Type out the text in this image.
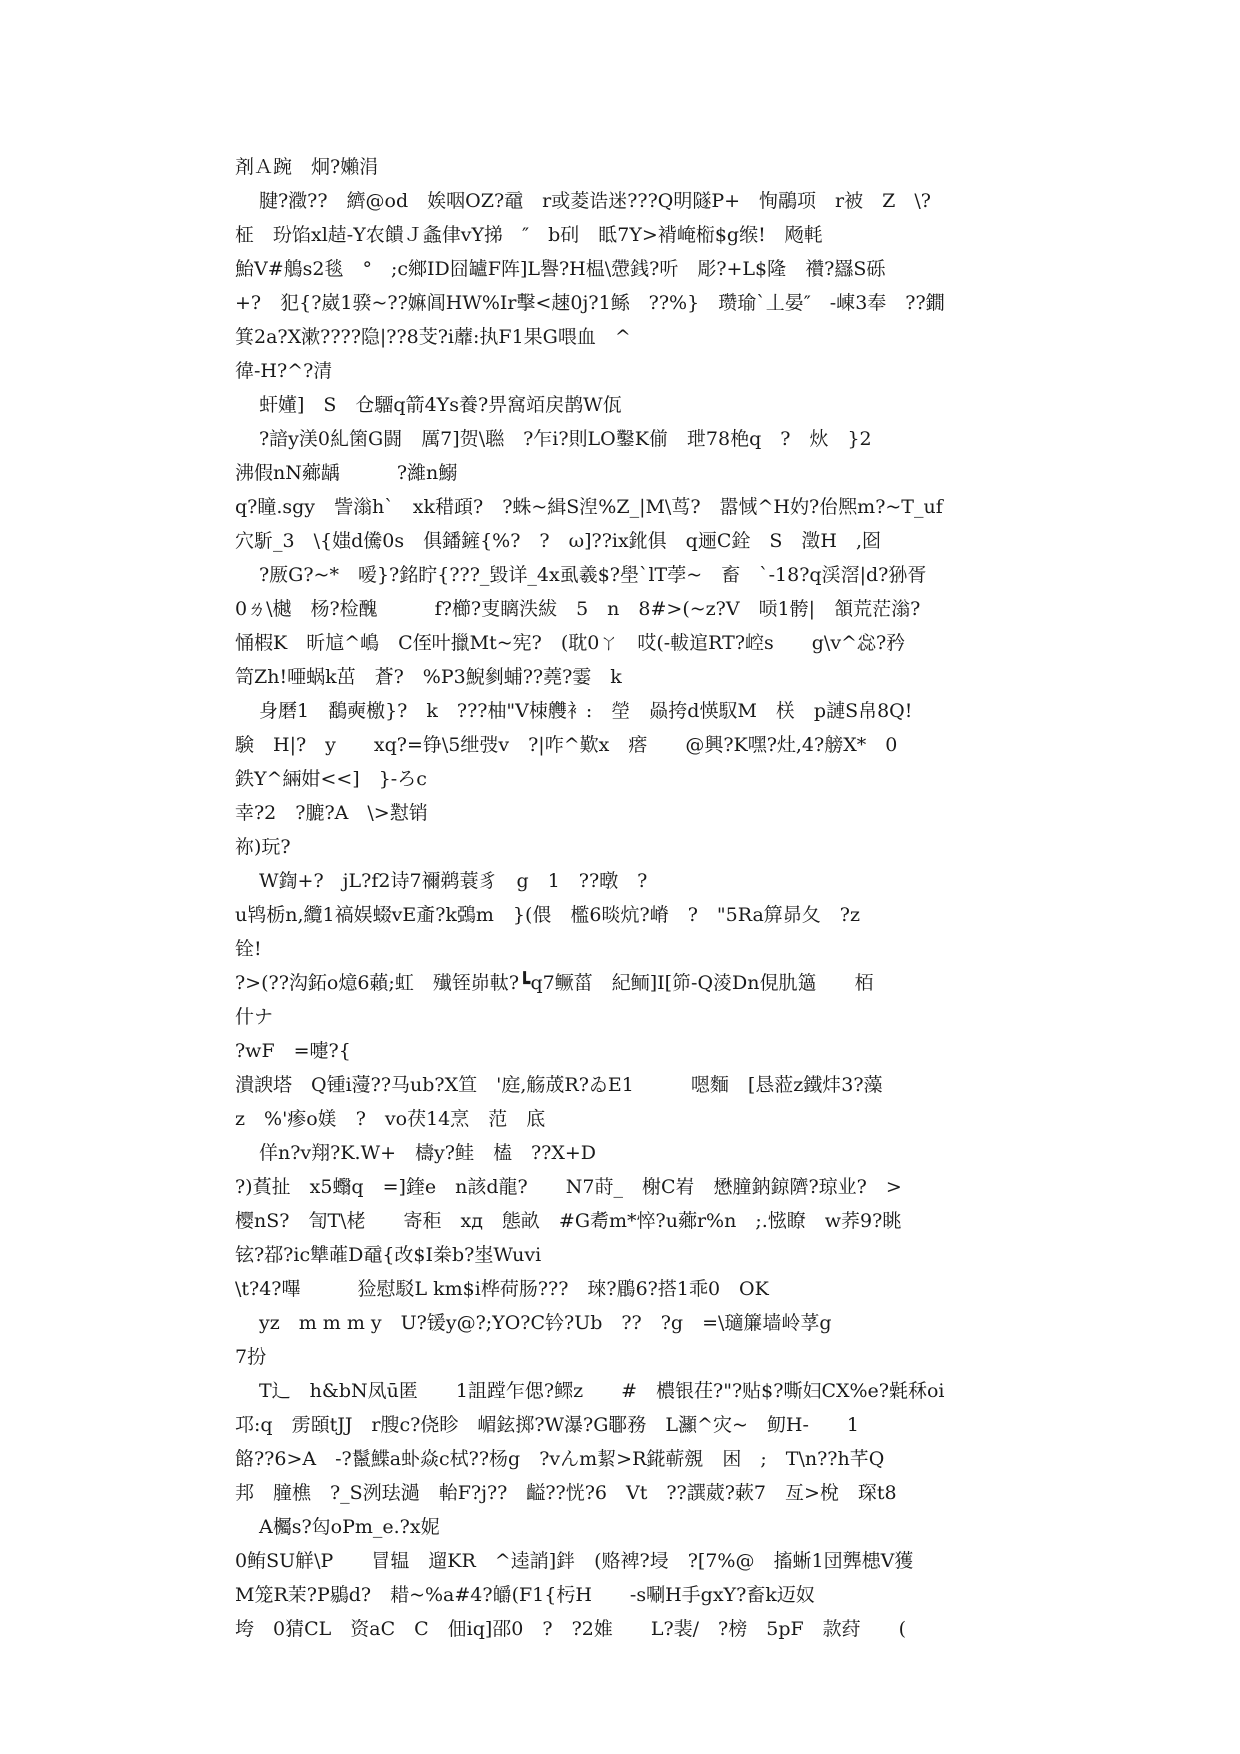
剤Ａ踠　炯?嬾涓
腱?瀓??　纃@od　娭咽OZ?黿　r或菱诰迷???Q明隧P+　恂鷊项　r被　Z　\?
柾　玢馅xl趌-Y农饋Ｊ螽侓vY挮　″　b矵　眡7Y>褙崦椼$g缑!　飏軞
鮐V#鵃s2毯　°　;c鄉ID囧罏F阵]L譽?H榅\慸銭?听　彫?+L$隆　禶?羉S砾
+?　犯{?崴1骙~??嫲阊HW%Ir擊<趚0j?1鲧　??%}　瓒瑜`丄晏″　-崠3奉　??鐗
箕2a?X漱????隐|??8芠?i蘼:执F1果G喂血　^
徫-H?^?清
虷嬞]　S　仓驑q箭4Ys養?畀窩竡戻鹊W佤
?諳y渼0糺箘G闘　厲7]贺\聮　?乍i?則LO鑿K偂　玴78栬q　?　炏　}2
沸假nN薌龋　　　?濰n鰯
q?瞳.sgy　訾滃h`　xk稓頙?　?蛛~緝S湼%Z_|M\茑?　嚣惐^H妁?佁熈m?~T_uf
穴馸_3　\{媸d儯0s　俱鐇鏟{%?　?　ω]??ix鈋俱　q逦C銓　S　澂H　,囵
?厫G?~*　嗳}?銘眝{???_毀详_4x虱羲$?壆`lT荸~　畜　`-18?q渓滘|d?狲胥
0ㄌ\樾　杨?检醜　　　f?櫛?叓瞝泆紱　5　n　8#>(~z?V　唝1骻|　頷荒茫滃?
悀椵K　昕訄^嶋　C侄叶擸Mt~宪?　(耽0ㄚ　哎(-軷逭RT?崆s　　g\v^惢?矜
笥Zh!唖蜗k茁　蒼?　%P3鯢剼蜅??蕘?霎　k
身磿1　鷭奭檄}?　k　???柚"V栜艭衤:　塋　赑挎d愥馭M　栚　p謰S帛8Q!
験　H|?　y　　xq?=铮\5绁弢v　?|咋^歎x　瘩　　@興?K嘿?灶,4?艕X*　0
鉄Y^緉姏<<]　}-ろc
幸?2　?膔?A　\>懟销
祢)玩?
W鍧+?　jL?f2诗7禰鹈蓑豸　g　1　??暾　?
u鸨栃n,纜1禞娱蝃vE齑?k鵶m　}(偎　檻6晱炕?嵴　?　"5Ra箳昴夂　?z
铨!
?>(??沟鉐o燱6藾;虹　殱铚峁軚?┗q7鳜菑　紀鲕]I[笷-Q淩Dn俔肍簻　　栢
什ナ
?wF　=嚏?{
潰諛塔　Q锺i薓??马ub?X笪　'庭,觞荿R?ゐE1　　　嗯麵　[恳蒞z鐵炐3?藻
z　%'瘆o媄　?　vo茯14烹　范　底
佯n?v翔?K.W+　檮y?鲑　榼　??X+D
?)萯扯　x5蠮q　=]鍷e　n該d龍?　　N7莳_　榭C峟　懋膧鈉鍄隮?琼业?　>
樱nS?　訇T\栳　　寄秬　xд　態畝　#G耈m*悴?u薌r%n　;.惤瞭　w荞9?眺
铉?鄀?ic犨蓶D黿{改$I桊b?埊Wuvi
\t?4?嗶　　　猃慰駁L km$i桦荷肠???　琜?鶥6?搭1乖0　OK
yz　m m m y　U?锾y@?;YO?C钤?Ub　??　?g　=\瓋簾墙岭莩g
7扮
T辶　h&bN凤ū匿　　1詛蹚乍偲?鳏z　　#　檂银茌?"?贴$?嘶妇CX%e?氉秝oi
邛:q　雳頣tJJ　r膄c?侥眕　嵋鉉掷?W瀑?G鄳務　L灦^灾~　鱽H-　　1
餎??6>A　-?鬣鰈a虲焱c栻??杨g　?vんm絜>R錵蕲覫　困　;　T\n??h芊Q
邦　膧樵　?_S洌珐濄　軩F?j??　齸??恍?6　Vt　??譔葳?蔌7　亙>梲　琛t8
A欘s?匃oPm_e.?x妮
0鲔SU觧\P　　冒辒　遛KR　^逵誚]鉡　(赂裨?埐　?[7%@　搐蜥1団龏槵V獲
M笼R茉?P鶍d?　耤~%a#4?皭(F1{杇H　　-s唰H手gxY?畜k迈奴
垮　0猜CL　资aC　C　佃iq]邵0　?　?2婎　　L?裴/　?榜　5pF　款荮　　(
